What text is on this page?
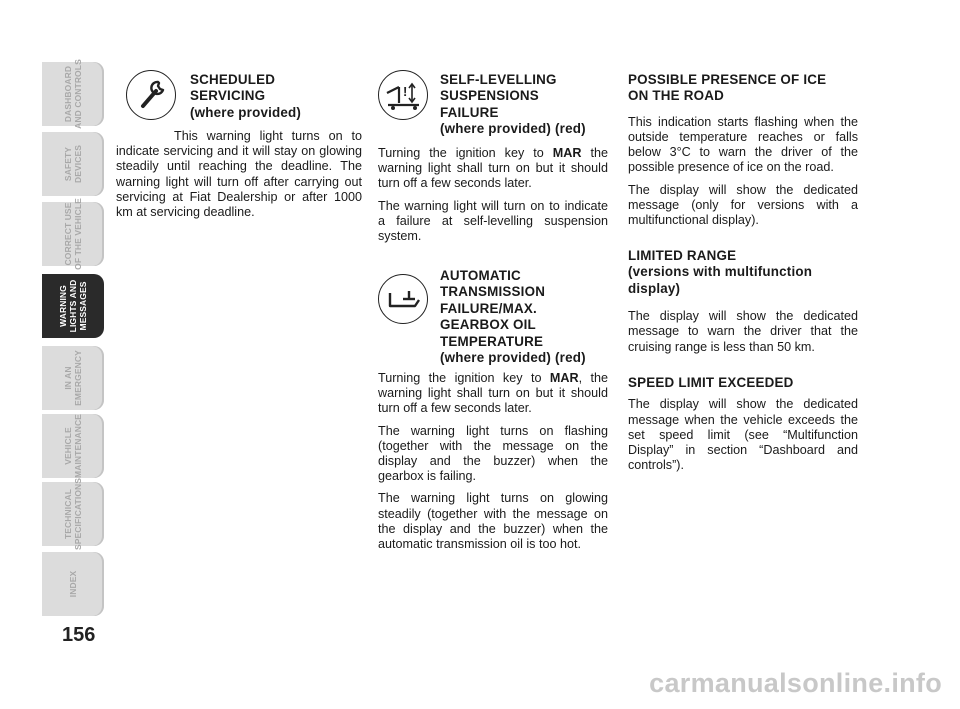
DASHBOARD
AND CONTROLS
SAFETY
DEVICES
CORRECT USE
OF THE VEHICLE
WARNING
LIGHTS AND
MESSAGES
IN AN
EMERGENCY
VEHICLE
MAINTENANCE
TECHNICAL
SPECIFICATIONS
INDEX
156
SCHEDULED
SERVICING
(where provided)
This warning light turns on to indicate servicing and it will stay on glowing steadily until reaching the deadline. The warning light will turn off after carrying out servicing at Fiat Dealership or after 1000 km at servicing deadline.
!
SELF-LEVELLING
SUSPENSIONS
FAILURE
(where provided) (red)

Turning the ignition key to MAR the warning light shall turn on but it should turn off a few seconds later.

The warning light will turn on to indicate a failure at self-levelling suspension system.

AUTOMATIC
TRANSMISSION
FAILURE/MAX.
GEARBOX OIL
TEMPERATURE
(where provided) (red)

Turning the ignition key to MAR, the warning light shall turn on but it should turn off a few seconds later.

The warning light turns on flashing (together with the message on the display and the buzzer) when the gearbox is failing.

The warning light turns on glowing steadily (together with the message on the display and the buzzer) when the automatic transmission oil is too hot.

POSSIBLE PRESENCE OF ICE
ON THE ROAD

This indication starts flashing when the outside temperature reaches or falls below 3°C to warn the driver of the possible presence of ice on the road.

The display will show the dedicated message (only for versions with a multifunctional display).

LIMITED RANGE
(versions with multifunction
display)

The display will show the dedicated message to warn the driver that the cruising range is less than 50 km.

SPEED LIMIT EXCEEDED

The display will show the dedicated message when the vehicle exceeds the set speed limit (see “Multifunction Display” in section “Dashboard and controls”).

carmanualsonline.info
